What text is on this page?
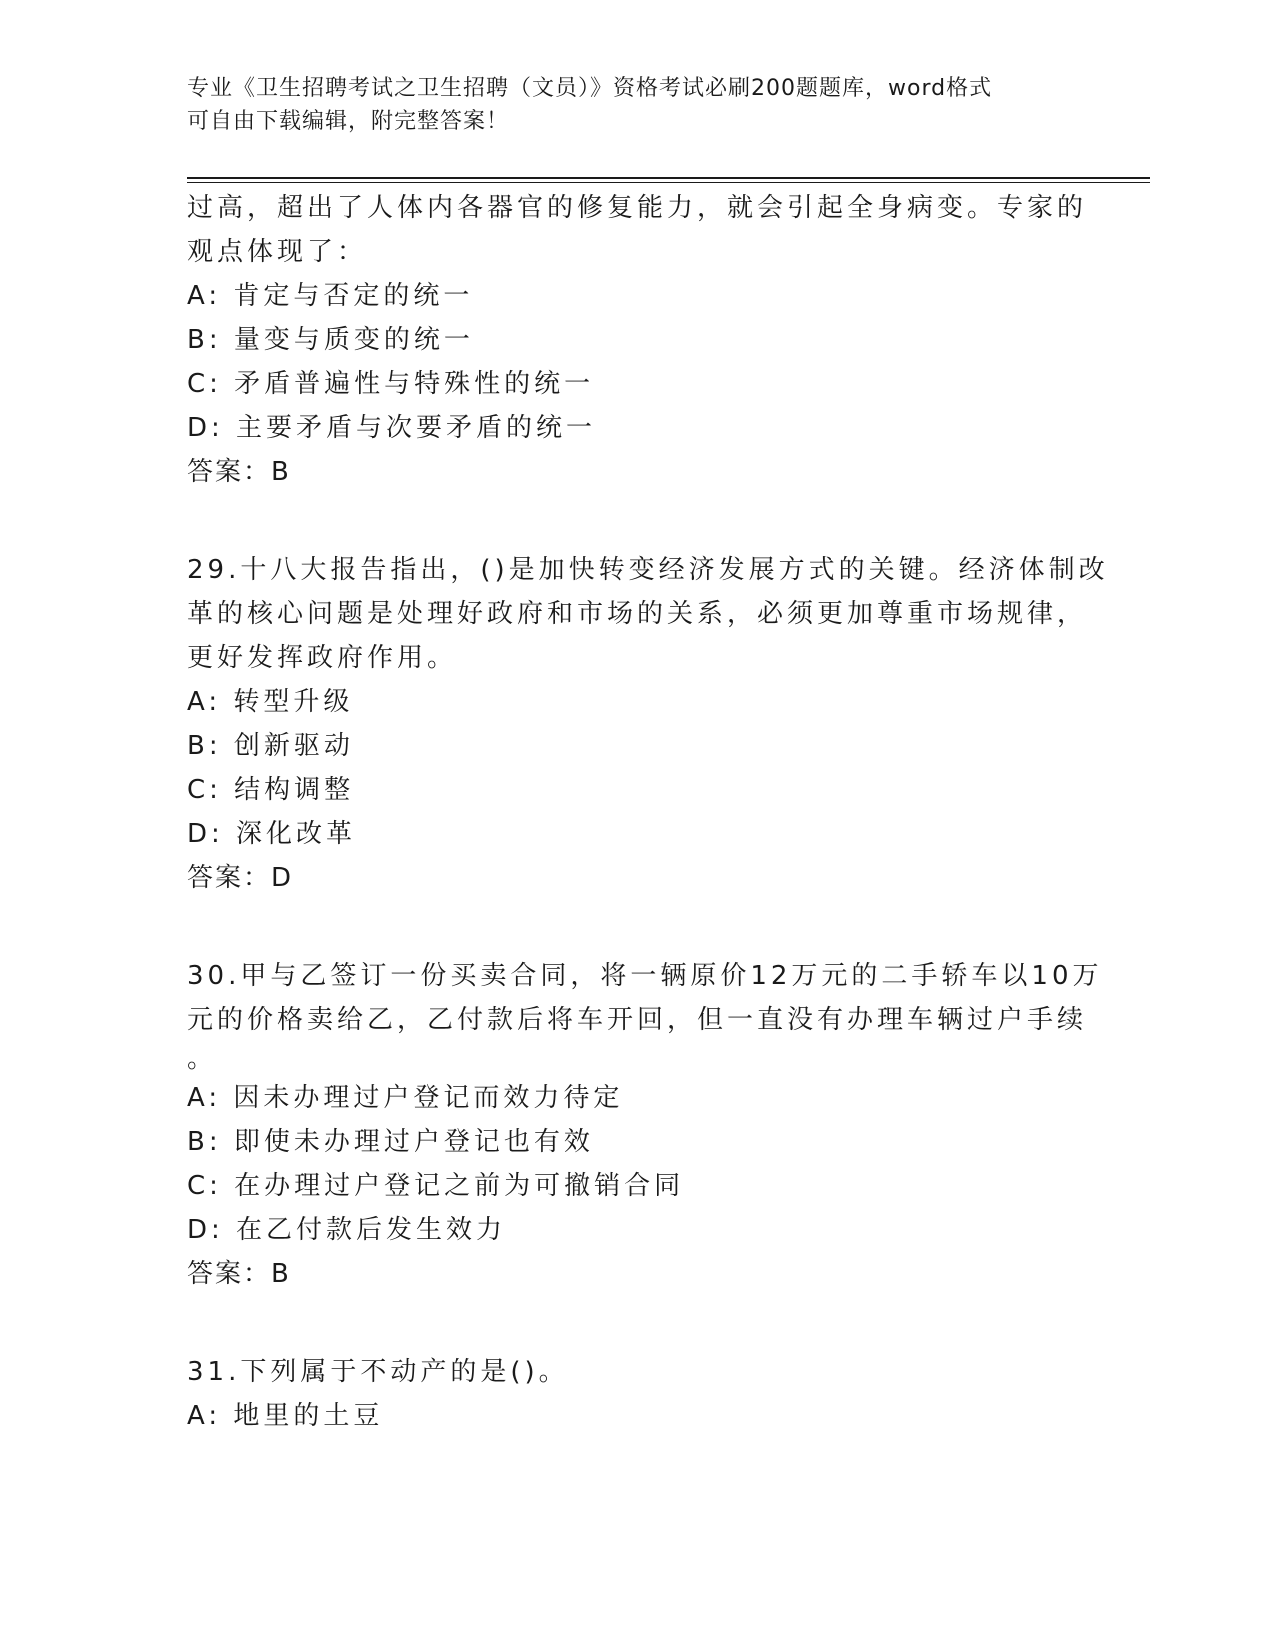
专业《卫生招聘考试之卫生招聘（文员）》资格考试必刷200题题库，word格式
可自由下载编辑，附完整答案！
过高，超出了人体内各器官的修复能力，就会引起全身病变。专家的
观点体现了：
A: 肯定与否定的统一
B: 量变与质变的统一
C: 矛盾普遍性与特殊性的统一
D: 主要矛盾与次要矛盾的统一
答案：B
29.十八大报告指出，()是加快转变经济发展方式的关键。经济体制改
革的核心问题是处理好政府和市场的关系，必须更加尊重市场规律，
更好发挥政府作用。
A: 转型升级
B: 创新驱动
C: 结构调整
D: 深化改革
答案：D
30.甲与乙签订一份买卖合同，将一辆原价12万元的二手轿车以10万
元的价格卖给乙，乙付款后将车开回，但一直没有办理车辆过户手续
。
A: 因未办理过户登记而效力待定
B: 即使未办理过户登记也有效
C: 在办理过户登记之前为可撤销合同
D: 在乙付款后发生效力
答案：B
31.下列属于不动产的是()。
A: 地里的土豆
